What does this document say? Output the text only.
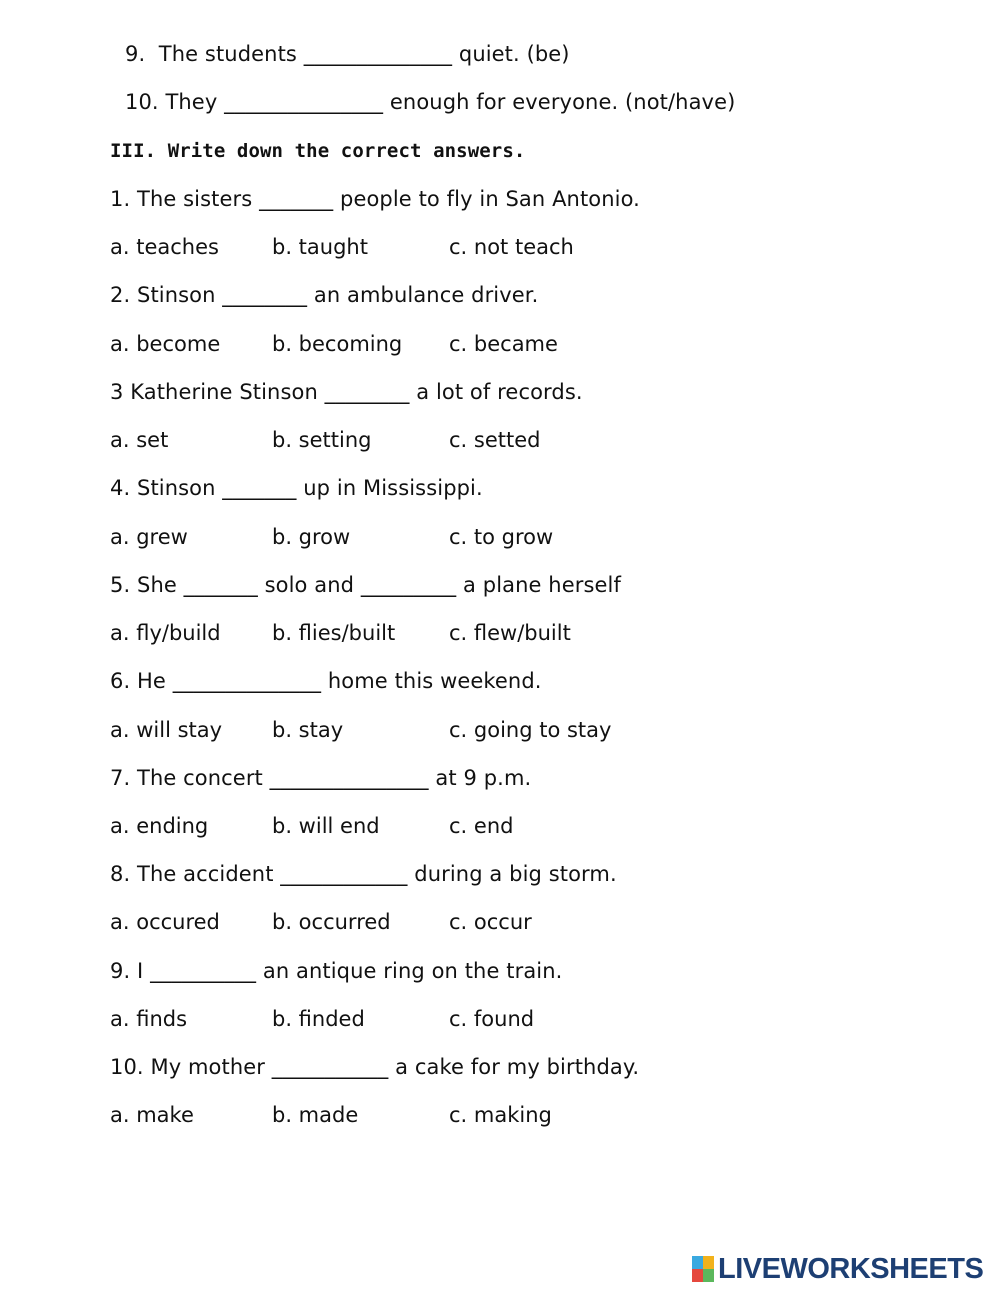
9.  The students ______________ quiet. (be)
10. They _______________ enough for everyone. (not/have)
III. Write down the correct answers.
1. The sisters _______ people to fly in San Antonio.
a. teaches	b. taught	c. not teach
2. Stinson ________ an ambulance driver.
a. become b. becoming c. became
3 Katherine Stinson ________ a lot of records.
a. set	b. setting	c. setted
4. Stinson _______ up in Mississippi.
a. grew	b. grow	c. to grow
5. She _______ solo and _________ a plane herself
a. fly/build b. flies/built	c. flew/built
6. He ______________ home this weekend.
a. will stay b. stay	c. going to stay
7. The concert _______________ at 9 p.m.
a. ending	b. will end	c. end
8. The accident ____________ during a big storm.
a. occured b. occurred	c. occur
9. I __________ an antique ring on the train.
a. finds	b. finded	c. found
10. My mother ___________ a cake for my birthday.
a. make	b. made	c. making
LIVEWORKSHEETS
